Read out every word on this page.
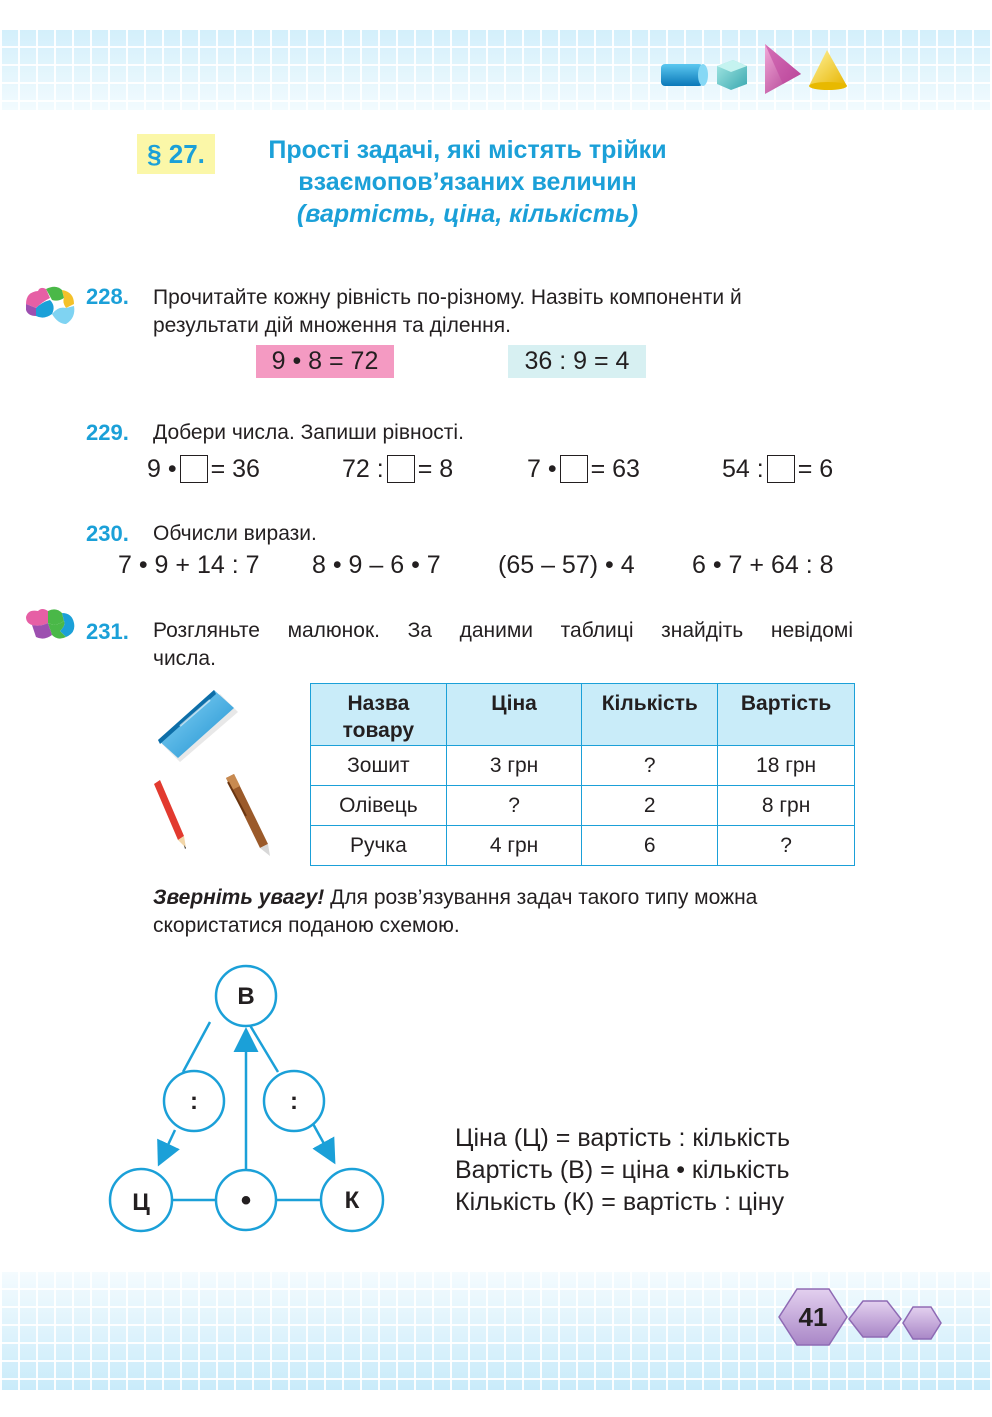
§ 27.	Прості задачі, які містять трійки
взаємопов’язаних величин
(вартість, ціна, кількість)
228. Прочитайте кожну рівність по-різному. Назвіть компоненти й
результати дій множення та ділення.
9 • 8 = 72	36 : 9 = 4
229. Добери числа. Запиши рівності.
9 • = 36	72 : = 8	7 • = 63	54 : = 6
230. Обчисли вирази.
7 • 9 + 14 : 7 8 • 9 – 6 • 7 (65 – 57) • 4 6 • 7 + 64 : 8
231. Розгляньте малюнок. За даними таблиці знайдіть невідомі
числа.
Назва
товару	Ціна	Кількість	Вартість
Зошит	3 грн	?	18 грн
Олівець	?	2	8 грн
Ручка	4 грн	6	?
Зверніть увагу! Для розв’язування задач такого типу можна
скористатися поданою схемою.
В
:	:
Ц	•	К
Ціна (Ц) = вартість : кількість
Вартість (В) = ціна • кількість
Кількість (К) = вартість : ціну
41
